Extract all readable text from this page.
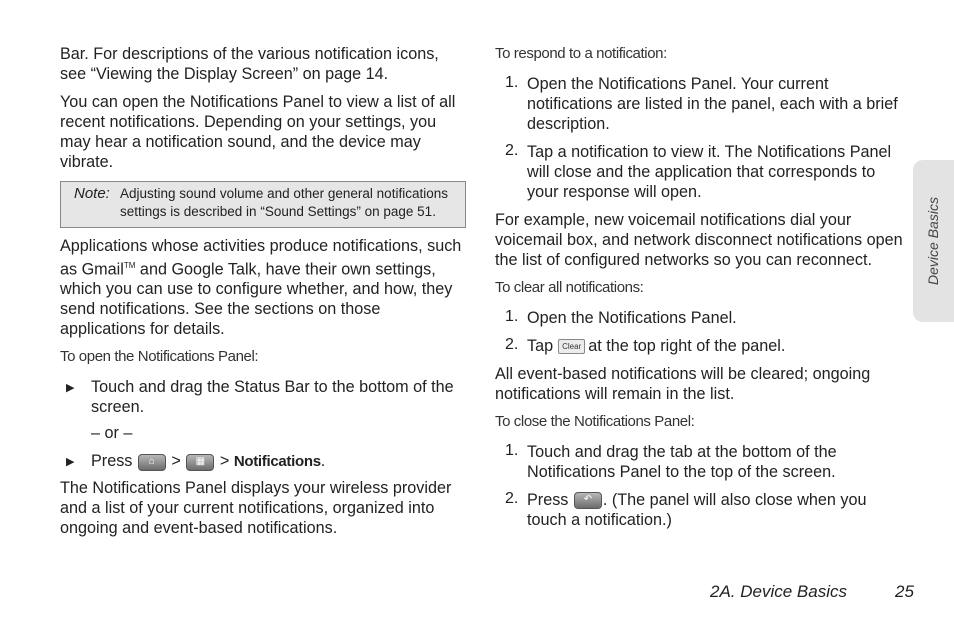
Bar. For descriptions of the various notification icons, see “Viewing the Display Screen” on page 14.

You can open the Notifications Panel to view a list of all recent notifications. Depending on your settings, you may hear a notification sound, and the device may vibrate.

Note: Adjusting sound volume and other general notifications settings is described in “Sound Settings” on page 51.

Applications whose activities produce notifications, such as Gmail™ and Google Talk, have their own settings, which you can use to configure whether, and how, they send notifications. See the sections on those applications for details.

To open the Notifications Panel:

▶	Touch and drag the Status Bar to the bottom of the screen.

– or –

▶	Press	⌂	>	▦ > Notifications.

The Notifications Panel displays your wireless provider and a list of your current notifications, organized into ongoing and event-based notifications.

To respond to a notification:

1. Open the Notifications Panel. Your current notifications are listed in the panel, each with a brief description.

2. Tap a notification to view it. The Notifications Panel will close and the application that corresponds to your response will open.

For example, new voicemail notifications dial your voicemail box, and network disconnect notifications open the list of configured networks so you can reconnect.

To clear all notifications:

1. Open the Notifications Panel.

2. Tap Clear at the top right of the panel.

All event-based notifications will be cleared; ongoing notifications will remain in the list.

To close the Notifications Panel:

1. Touch and drag the tab at the bottom of the Notifications Panel to the top of the screen.

2. Press	↶ . (The panel will also close when you touch a notification.)

Device Basics
2A. Device Basics	25
